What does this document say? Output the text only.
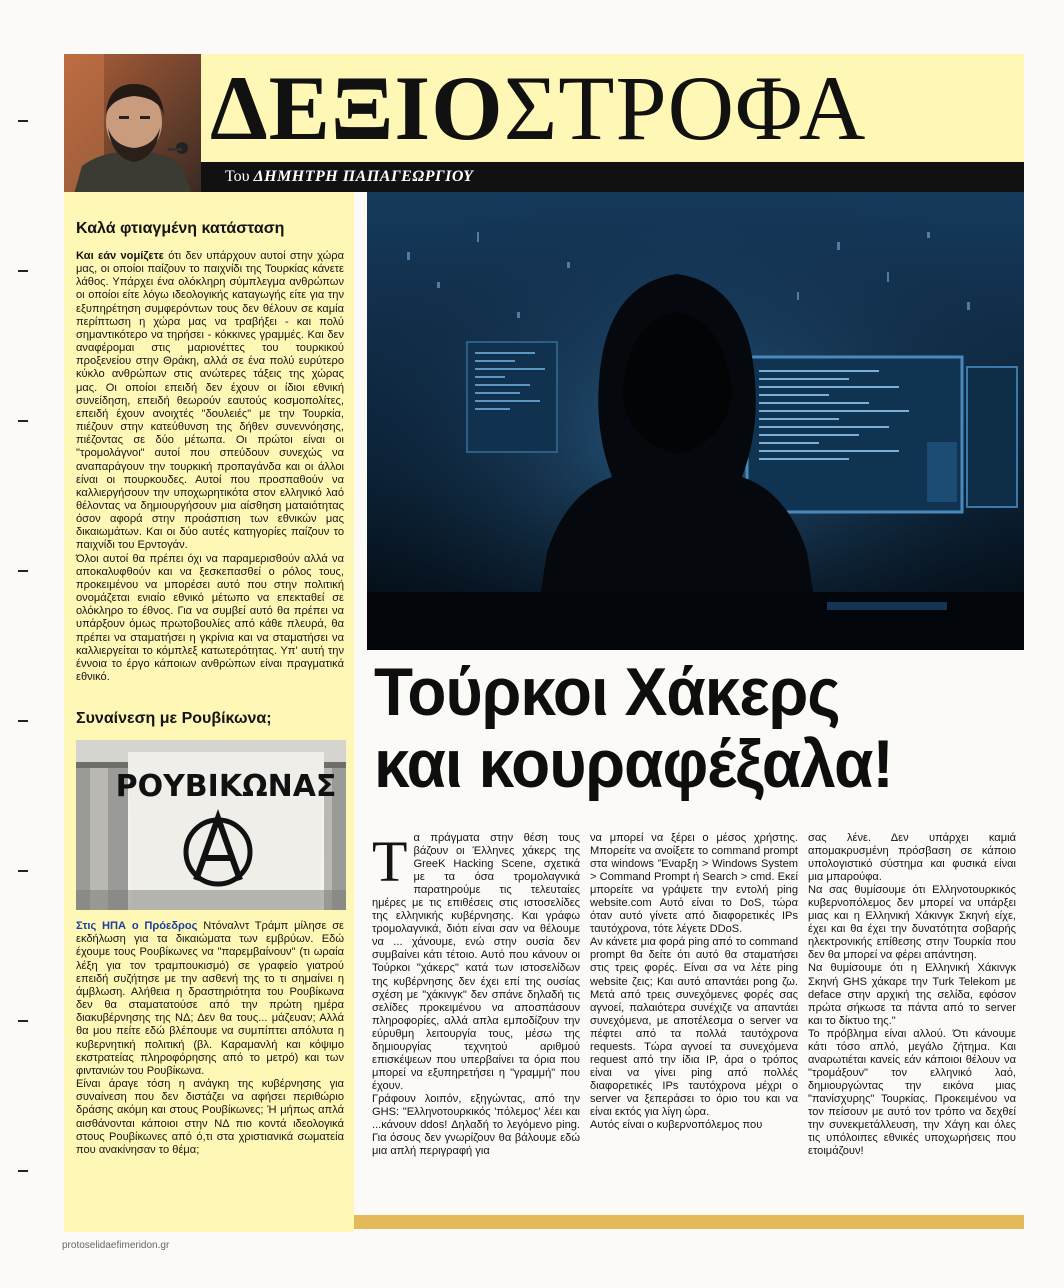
ΔΕΞΙΟΣΤΡΟΦΑ
Του ΔΗΜΗΤΡΗ ΠΑΠΑΓΕΩΡΓΙΟΥ
Καλά φτιαγμένη κατάσταση

Και εάν νομίζετε ότι δεν υπάρχουν αυτοί στην χώρα μας, οι οποίοι παίζουν το παιχνίδι της Τουρκίας κάνετε λάθος. Υπάρχει ένα ολόκληρη σύμπλεγμα ανθρώπων οι οποίοι είτε λόγω ιδεολογικής καταγωγής είτε για την εξυπηρέτηση συμφερόντων τους δεν θέλουν σε καμία περίπτωση η χώρα μας να τραβήξει - και πολύ σημαντικότερο να τηρήσει - κόκκινες γραμμές. Και δεν αναφέρομαι στις μαριονέττες του τουρκικού προξενείου στην Θράκη, αλλά σε ένα πολύ ευρύτερο κύκλο ανθρώπων στις ανώτερες τάξεις της χώρας μας. Οι οποίοι επειδή δεν έχουν οι ίδιοι εθνική συνείδηση, επειδή θεωρούν εαυτούς κοσμοπολίτες, επειδή έχουν ανοιχτές "δουλειές" με την Τουρκία, πιέζουν στην κατεύθυνση της δήθεν συνεννόησης, πιέζοντας σε δύο μέτωπα. Οι πρώτοι είναι οι "τρομολάγνοι" αυτοί που σπεύδουν συνεχώς να αναπαράγουν την τουρκική προπαγάνδα και οι άλλοι είναι οι πουρκουδες. Αυτοί που προσπαθούν να καλλιεργήσουν την υποχωρητικότα στον ελληνικό λαό θέλοντας να δημιουργήσουν μια αίσθηση ματαιότητας όσον αφορά στην προάσπιση των εθνικών μας δικαιωμάτων. Και οι δύο αυτές κατηγορίες παίζουν το παιχνίδι του Ερντογάν.

Όλοι αυτοί θα πρέπει όχι να παραμερισθούν αλλά να αποκαλυφθούν και να ξεσκεπασθεί ο ρόλος τους, προκειμένου να μπορέσει αυτό που στην πολιτική ονομάζεται ενιαίο εθνικό μέτωπο να επεκταθεί σε ολόκληρο το έθνος. Για να συμβεί αυτό θα πρέπει να υπάρξουν όμως πρωτοβουλίες από κάθε πλευρά, θα πρέπει να σταματήσει η γκρίνια και να σταματήσει να καλλιεργείται το κόμπλεξ κατωτερότητας. Υπ' αυτή την έννοια το έργο κάποιων ανθρώπων είναι πραγματικά εθνικό.

Συναίνεση με Ρουβίκωνα;
ΡΟΥΒΙΚΩΝΑΣ

Στις ΗΠΑ ο Πρόεδρος Ντόναλντ Τράμπ μίλησε σε εκδήλωση για τα δικαιώματα των εμβρύων. Εδώ έχουμε τους Ρουβίκωνες να "παρεμβαίνουν" (τι ωραία λέξη για τον τραμπουκισμό) σε γραφείο γιατρού επειδή συζήτησε με την ασθενή της το τι σημαίνει η άμβλωση. Αλήθεια η δραστηριότητα του Ρουβίκωνα δεν θα σταματατούσε από την πρώτη ημέρα διακυβέρνησης της ΝΔ; Δεν θα τους... μάζευαν; Αλλά θα μου πείτε εδώ βλέπουμε να συμπίπτει απόλυτα η κυβερνητική πολιτική (βλ. Καραμανλή και κόψιμο εκστρατείας πληροφόρησης από το μετρό) και των φιντανιών του Ρουβίκωνα.

Είναι άραγε τόση η ανάγκη της κυβέρνησης για συναίνεση που δεν διστάζει να αφήσει περιθώριο δράσης ακόμη και στους Ρουβίκωνες; Ή μήπως απλά αισθάνονται κάποιοι στην ΝΔ πιο κοντά ιδεολογικά στους Ρουβίκωνες από ό,τι στα χριστιανικά σωματεία που ανακίνησαν το θέμα;

Τούρκοι Χάκερς
και κουραφέξαλα!

Τα πράγματα στην θέση τους βάζουν οι Έλληνες χάκερς της GreeK Hacking Scene, σχετικά με τα όσα τρομολαγνικά παρατηρούμε τις τελευταίες ημέρες με τις επιθέσεις στις ιστοσελίδες της ελληνικής κυβέρνησης. Και γράφω τρομολαγνικά, διότι είναι σαν να θέλουμε να ... χάνουμε, ενώ στην ουσία δεν συμβαίνει κάτι τέτοιο. Αυτό που κάνουν οι Τούρκοι "χάκερς" κατά των ιστοσελίδων της κυβέρνησης δεν έχει επί της ουσίας σχέση με "χάκινγκ" δεν σπάνε δηλαδή τις σελίδες προκειμένου να αποσπάσουν πληροφορίες, αλλά απλα εμποδίζουν την εύρυθμη λειτουργία τους, μέσω της δημιουργίας τεχνητού αριθμού επισκέψεων που υπερβαίνει τα όρια που μπορεί να εξυπηρετήσει η "γραμμή" που έχουν.

Γράφουν λοιπόν, εξηγώντας, από την GHS: "Ελληνοτουρκικός 'πόλεμος' λέει και ...κάνουν ddos! Δηλαδή το λεγόμενο ping. Για όσους δεν γνωρίζουν θα βάλουμε εδώ μια απλή περιγραφή για

να μπορεί να ξέρει ο μέσος χρήστης. Μπορείτε να ανοίξετε το command prompt στα windows 'Έναρξη > Windows System > Command Prompt ή Search > cmd. Εκεί μπορείτε να γράψετε την εντολή ping website.com Αυτό είναι το DoS, τώρα όταν αυτό γίνετε από διαφορετικές IPs ταυτόχρονα, τότε λέγετε DDoS.

Αν κάνετε μια φορά ping από το command prompt θα δείτε ότι αυτό θα σταματήσει στις τρεις φορές. Είναι σα να λέτε ping website ζεις; Και αυτό απαντάει pong ζω. Μετά από τρεις συνεχόμενες φορές σας αγνοεί, παλαιότερα συνέχιζε να απαντάει συνεχόμενα, με αποτέλεσμα ο server να πέφτει από τα πολλά ταυτόχρονα requests. Τώρα αγνοεί τα συνεχόμενα request από την ίδια IP, άρα ο τρόπος είναι να γίνει ping από πολλές διαφορετικές IPs ταυτόχρονα μέχρι ο server να ξεπεράσει το όριο του και να είναι εκτός για λίγη ώρα.

Αυτός είναι ο κυβερνοπόλεμος που

σας λένε. Δεν υπάρχει καμιά απομακρυσμένη πρόσβαση σε κάποιο υπολογιστικό σύστημα και φυσικά είναι μια μπαρούφα.

Να σας θυμίσουμε ότι Ελληνοτουρκικός κυβερνοπόλεμος δεν μπορεί να υπάρξει μιας και η Ελληνική Χάκινγκ Σκηνή είχε, έχει και θα έχει την δυνατότητα σοβαρής ηλεκτρονικής επίθεσης στην Τουρκία που δεν θα μπορεί να φέρει απάντηση.

Να θυμίσουμε ότι η Ελληνική Χάκινγκ Σκηνή GHS χάκαρε την Turk Telekom με deface στην αρχική της σελίδα, εφόσον πρώτα σήκωσε τα πάντα από το server και το δίκτυο της."

Το πρόβλημα είναι αλλού. Ότι κάνουμε κάτι τόσο απλό, μεγάλο ζήτημα. Και αναρωτιέται κανείς εάν κάποιοι θέλουν να "τρομάξουν" τον ελληνικό λαό, δημιουργώντας την εικόνα μιας "πανίσχυρης" Τουρκίας. Προκειμένου να τον πείσουν με αυτό τον τρόπο να δεχθεί την συνεκμετάλλευση, την Χάγη και όλες τις υπόλοιπες εθνικές υποχωρήσεις που ετοιμάζουν!

protoselidaefimeridon.gr
